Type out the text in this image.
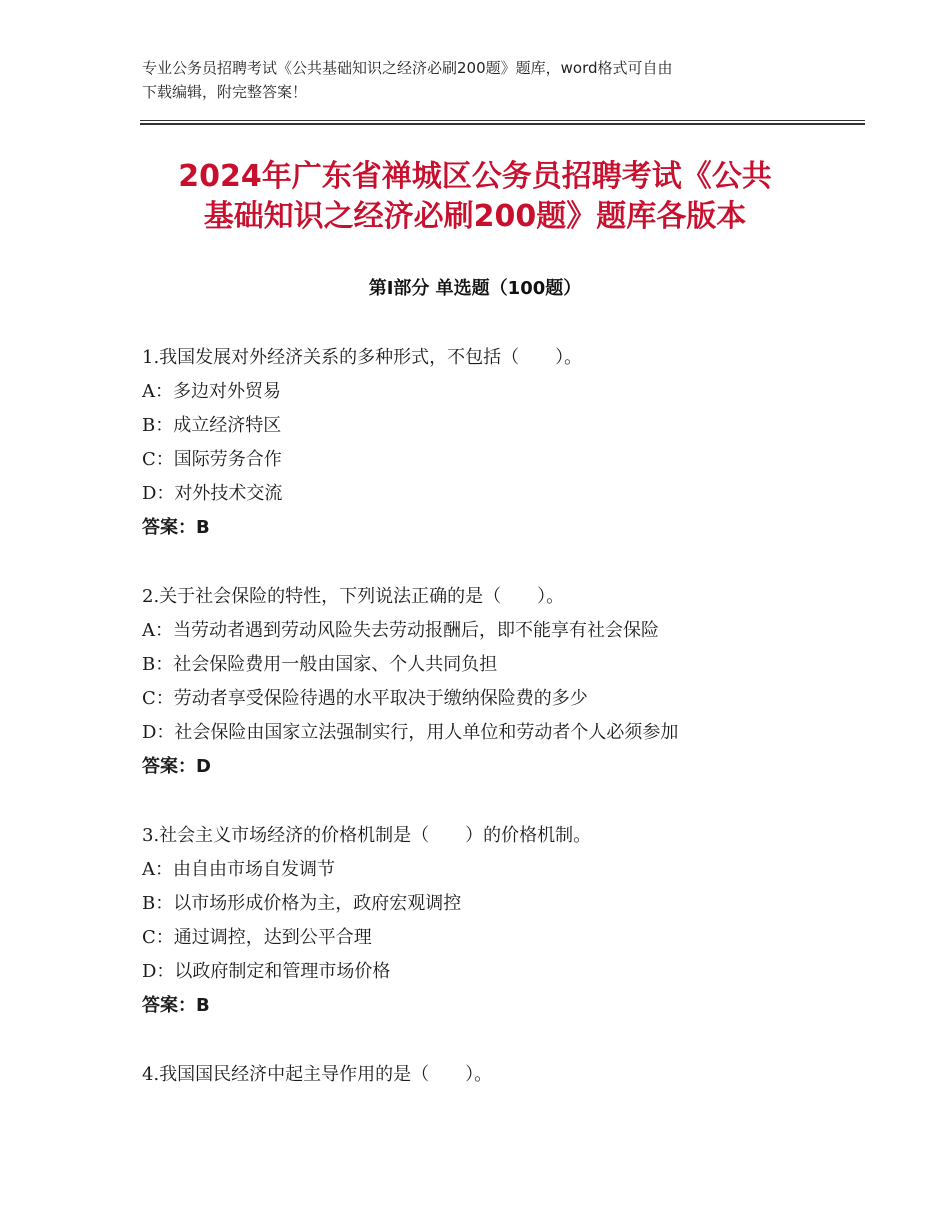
专业公务员招聘考试《公共基础知识之经济必刷200题》题库，word格式可自由
下载编辑，附完整答案！
2024年广东省禅城区公务员招聘考试《公共
基础知识之经济必刷200题》题库各版本
第Ⅰ部分 单选题（100题）
1.我国发展对外经济关系的多种形式，不包括（　　）。
A：多边对外贸易
B：成立经济特区
C：国际劳务合作
D：对外技术交流
答案：B
2.关于社会保险的特性，下列说法正确的是（　　）。
A：当劳动者遇到劳动风险失去劳动报酬后，即不能享有社会保险
B：社会保险费用一般由国家、个人共同负担
C：劳动者享受保险待遇的水平取决于缴纳保险费的多少
D：社会保险由国家立法强制实行，用人单位和劳动者个人必须参加
答案：D
3.社会主义市场经济的价格机制是（　　）的价格机制。
A：由自由市场自发调节
B：以市场形成价格为主，政府宏观调控
C：通过调控，达到公平合理
D：以政府制定和管理市场价格
答案：B
4.我国国民经济中起主导作用的是（　　）。
